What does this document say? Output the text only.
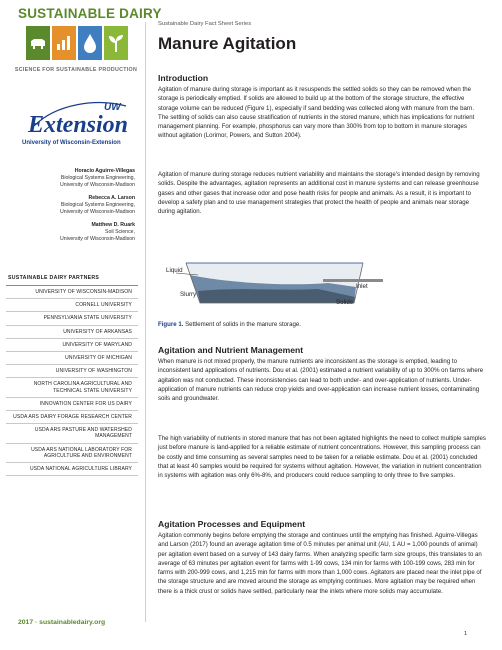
SUSTAINABLE DAIRY
SCIENCE FOR SUSTAINABLE PRODUCTION
UW
Extension
University of Wisconsin-Extension
Horacio Aguirre-Villegas
Biological Systems Engineering,
University of Wisconsin-Madison
Rebecca A. Larson
Biological Systems Engineering,
University of Wisconsin-Madison
Matthew D. Ruark
Soil Science,
University of Wisconsin-Madison
SUSTAINABLE DAIRY PARTNERS
UNIVERSITY OF WISCONSIN-MADISON
CORNELL UNIVERSITY
PENNSYLVANIA STATE UNIVERSITY
UNIVERSITY OF ARKANSAS
UNIVERSITY OF MARYLAND
UNIVERSITY OF MICHIGAN
UNIVERSITY OF WASHINGTON
NORTH CAROLINA AGRICULTURAL AND TECHNICAL STATE UNIVERSITY
INNOVATION CENTER FOR US DAIRY
USDA ARS DAIRY FORAGE RESEARCH CENTER
USDA ARS PASTURE AND WATERSHED MANAGEMENT
USDA ARS NATIONAL LABORATORY FOR AGRICULTURE AND ENVIRONMENT
USDA NATIONAL AGRICULTURE LIBRARY
2017 · sustainabledairy.org
Sustainable Dairy Fact Sheet Series
Manure Agitation
Introduction
Agitation of manure during storage is important as it resuspends the settled solids so they can be removed when the storage is periodically emptied. If solids are allowed to build up at the bottom of the storage structure, the effective storage volume can be reduced (Figure 1), especially if sand bedding was collected along with manure from the barn. The settling of solids can also cause stratification of nutrients in the stored manure, which has implications for nutrient management planning. For example, phosphorus can vary more than 300% from top to bottom in manure storages without agitation (Lorimor, Powers, and Sutton 2004).
Agitation of manure during storage reduces nutrient variability and maintains the storage's intended design by removing solids. Despite the advantages, agitation represents an additional cost in manure systems and can release greenhouse gases and other gases that increase odor and pose health risks for people and animals. As a result, it is important to develop a safety plan and to use management strategies that protect the health of people and animals near storage during agitation.
Liquid
Slurry
Inlet
Solids
Figure 1. Settlement of solids in the manure storage.
Agitation and Nutrient Management
When manure is not mixed properly, the manure nutrients are inconsistent as the storage is emptied, leading to inconsistent land applications of nutrients. Dou et al. (2001) estimated a nutrient variability of up to 300% on farms where agitation was not conducted. These inconsistencies can lead to both under- and over-application of nutrients. Under-application of manure nutrients can reduce crop yields and over-application can increase nutrient losses, contaminating soils and groundwater.
The high variability of nutrients in stored manure that has not been agitated highlights the need to collect multiple samples just before manure is land-applied for a reliable estimate of nutrient concentrations. However, this sampling process can be costly and time consuming as several samples need to be taken for a reliable estimate. Dou et al. (2001) concluded that at least 40 samples would be required for systems without agitation. However, the variation in nutrient concentration in systems with agitation was only 6%-8%, and producers could reduce sampling to only three to five samples.
Agitation Processes and Equipment
Agitation commonly begins before emptying the storage and continues until the emptying has finished. Aguirre-Villegas and Larson (2017) found an average agitation time of 0.5 minutes per animal unit (AU, 1 AU = 1,000 pounds of animal) per agitation event based on a survey of 143 dairy farms. When analyzing specific farm size groups, this translates to an average of 63 minutes per agitation event for farms with 1-99 cows, 134 min for farms with 100-199 cows, 283 min for farms with 200-999 cows, and 1,215 min for farms with more than 1,000 cows. Agitators are placed near the inlet pipe of the storage structure and are moved around the storage as emptying continues. More agitation may be required when there is a thick crust or solids have settled, particularly near the inlets where more solids may accumulate.
1
